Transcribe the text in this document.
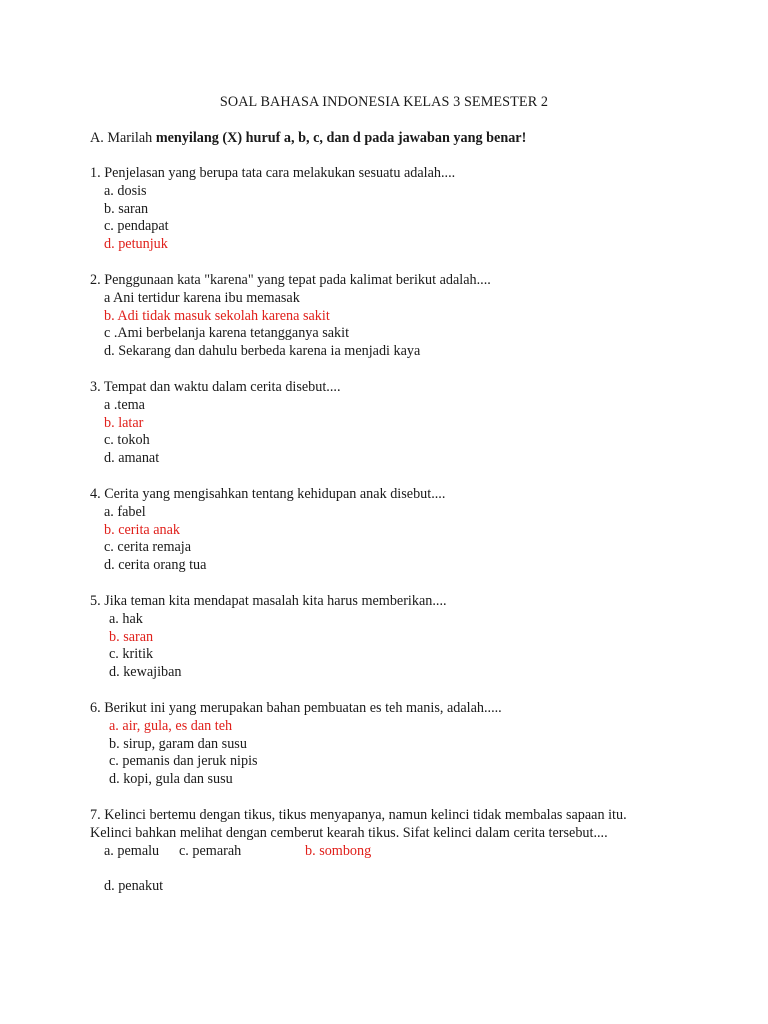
SOAL BAHASA INDONESIA KELAS 3 SEMESTER 2
A. Marilah menyilang (X) huruf a, b, c, dan d pada jawaban yang benar!
1. Penjelasan yang berupa tata cara melakukan sesuatu adalah....
a. dosis
b. saran
c. pendapat
d. petunjuk
2. Penggunaan kata "karena" yang tepat pada kalimat berikut adalah....
a Ani tertidur karena ibu memasak
b. Adi tidak masuk sekolah karena sakit
c .Ami berbelanja karena tetangganya sakit
d. Sekarang dan dahulu berbeda karena ia menjadi kaya
3. Tempat dan waktu dalam cerita disebut....
a .tema
b. latar
c. tokoh
d. amanat
4. Cerita yang mengisahkan tentang kehidupan anak disebut....
a. fabel
b. cerita anak
c. cerita remaja
d. cerita orang tua
5. Jika teman kita mendapat masalah kita harus memberikan....
a. hak
b. saran
c. kritik
d. kewajiban
6. Berikut ini yang merupakan bahan pembuatan es teh manis, adalah.....
a. air, gula, es dan teh
b. sirup, garam dan susu
c. pemanis dan jeruk nipis
d. kopi, gula dan susu
7. Kelinci bertemu dengan tikus, tikus menyapanya, namun kelinci tidak membalas sapaan itu.
Kelinci bahkan melihat dengan cemberut kearah tikus. Sifat kelinci dalam cerita tersebut....
a. pemalu c. pemarah	b. sombong
d. penakut
